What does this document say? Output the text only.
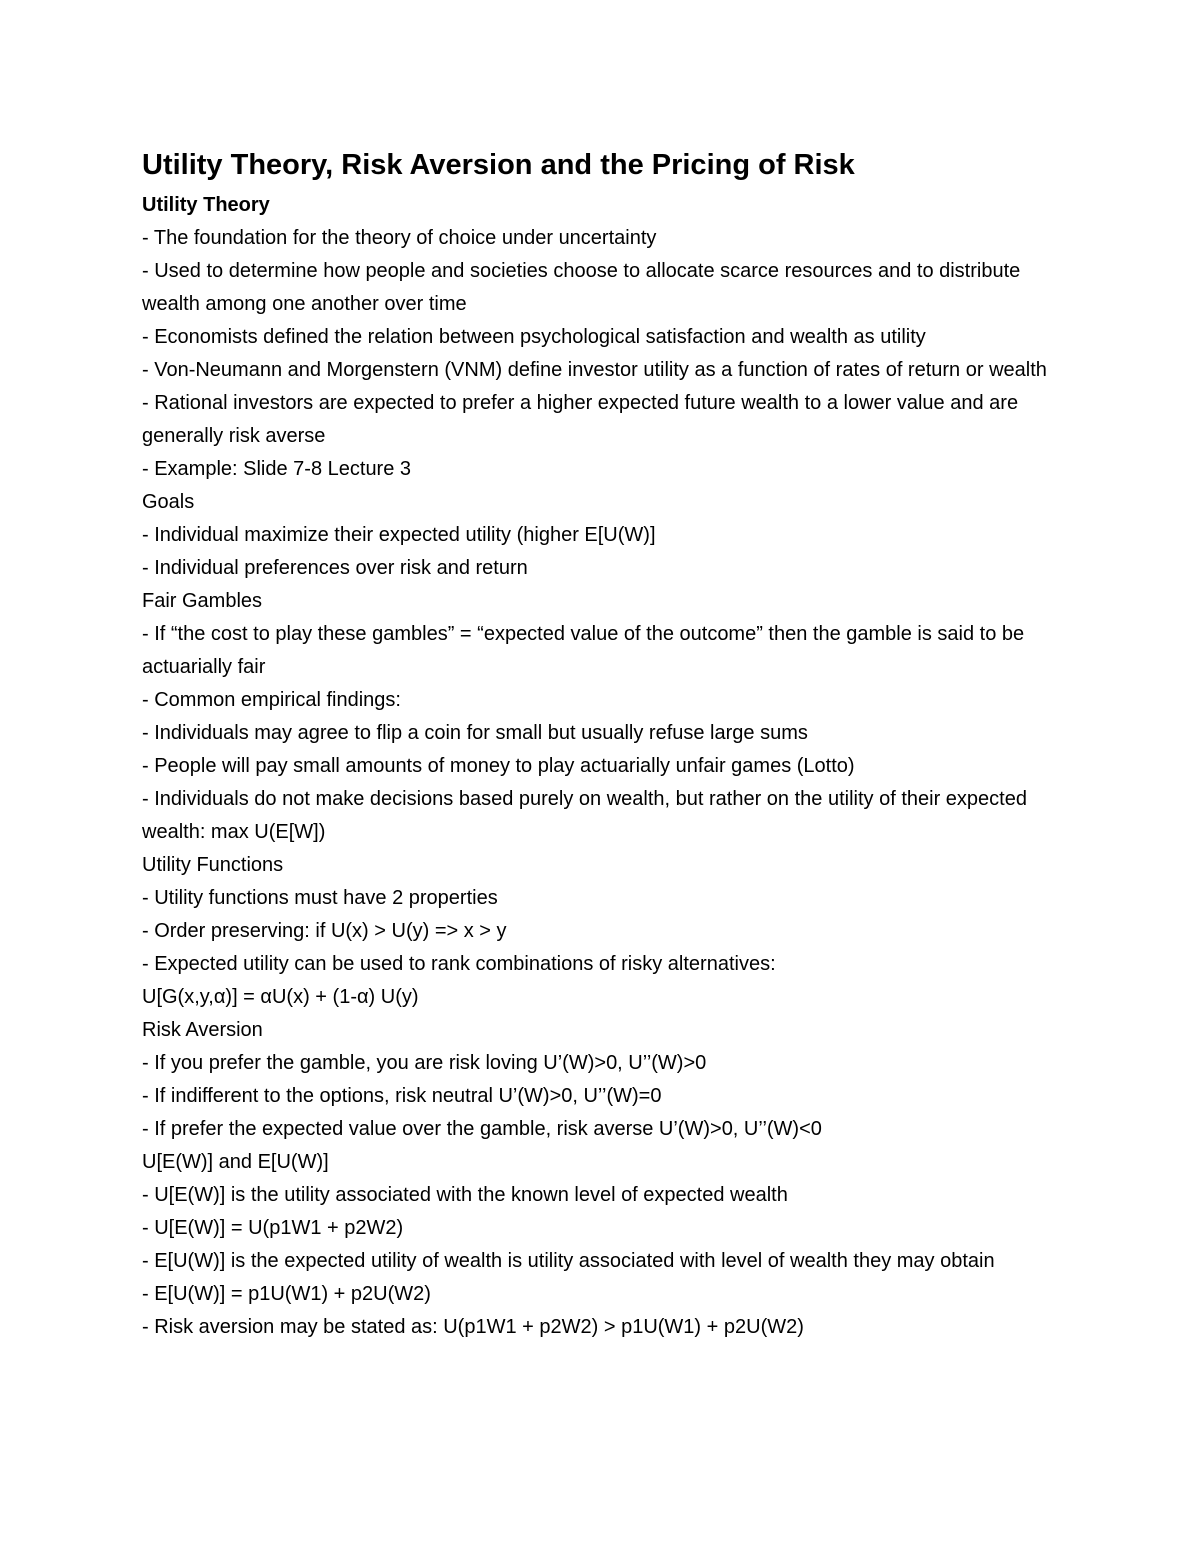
Utility Theory, Risk Aversion and the Pricing of Risk

Utility Theory

- The foundation for the theory of choice under uncertainty

- Used to determine how people and societies choose to allocate scarce resources and to distribute wealth among one another over time

- Economists defined the relation between psychological satisfaction and wealth as utility

- Von-Neumann and Morgenstern (VNM) define investor utility as a function of rates of return or wealth

- Rational investors are expected to prefer a higher expected future wealth to a lower value and are generally risk averse

- Example: Slide 7-8 Lecture 3

Goals

- Individual maximize their expected utility (higher E[U(W)]

- Individual preferences over risk and return

Fair Gambles

- If “the cost to play these gambles” = “expected value of the outcome” then the gamble is said to be actuarially fair

- Common empirical findings:

- Individuals may agree to flip a coin for small but usually refuse large sums

- People will pay small amounts of money to play actuarially unfair games (Lotto)

- Individuals do not make decisions based purely on wealth, but rather on the utility of their expected wealth: max U(E[W])

Utility Functions

- Utility functions must have 2 properties

- Order preserving: if U(x) > U(y) => x > y

- Expected utility can be used to rank combinations of risky alternatives:

U[G(x,y,α)] = αU(x) + (1-α) U(y)

Risk Aversion

- If you prefer the gamble, you are risk loving U’(W)>0, U’’(W)>0

- If indifferent to the options, risk neutral U’(W)>0, U’’(W)=0

- If prefer the expected value over the gamble, risk averse U’(W)>0, U’’(W)<0

U[E(W)] and E[U(W)]

- U[E(W)] is the utility associated with the known level of expected wealth

- U[E(W)] = U(p1W1 + p2W2)

- E[U(W)] is the expected utility of wealth is utility associated with level of wealth they may obtain

- E[U(W)] = p1U(W1) + p2U(W2)

- Risk aversion may be stated as: U(p1W1 + p2W2) > p1U(W1) + p2U(W2)
